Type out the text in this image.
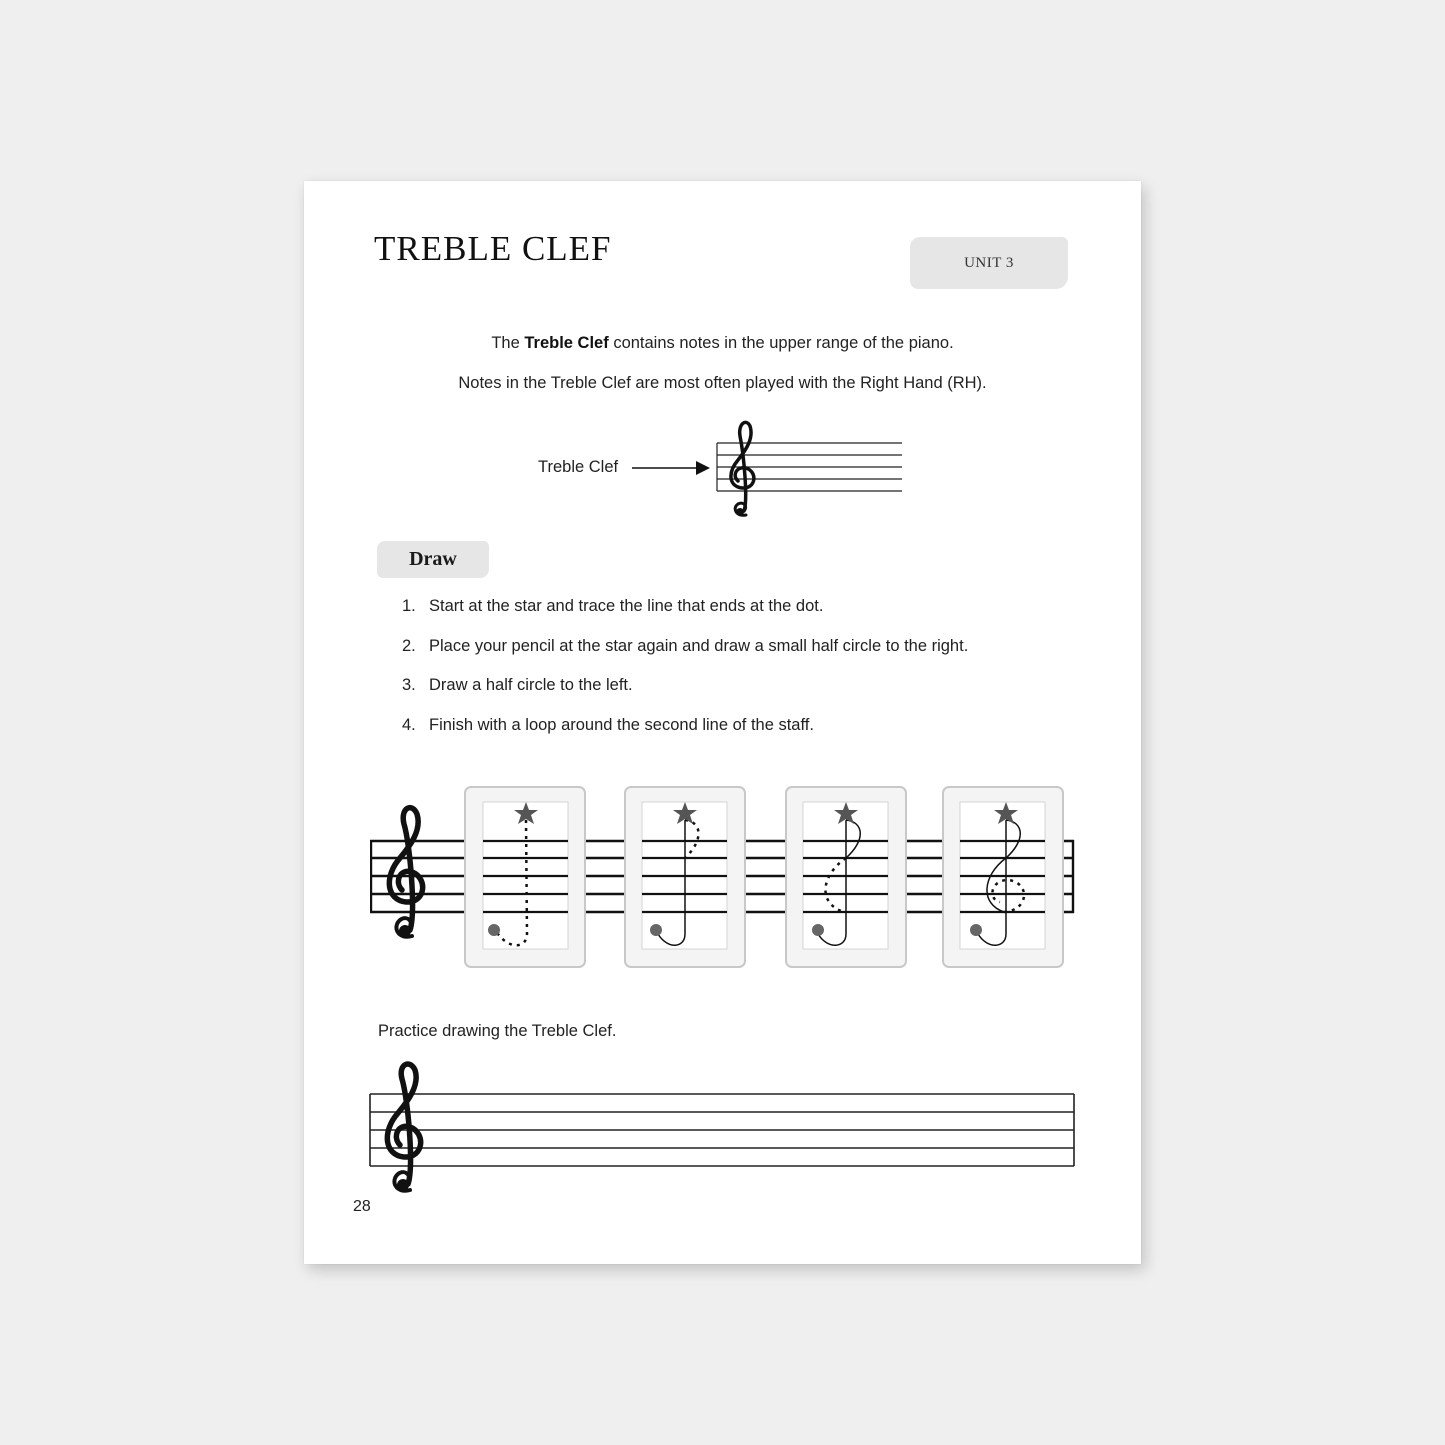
TREBLE CLEF	UNIT 3
The Treble Clef contains notes in the upper range of the piano.
Notes in the Treble Clef are most often played with the Right Hand (RH).
Treble Clef
Draw
1. Start at the star and trace the line that ends at the dot.
2. Place your pencil at the star again and draw a small half circle to the right.
3. Draw a half circle to the left.
4. Finish with a loop around the second line of the staff.
Practice drawing the Treble Clef.
28
